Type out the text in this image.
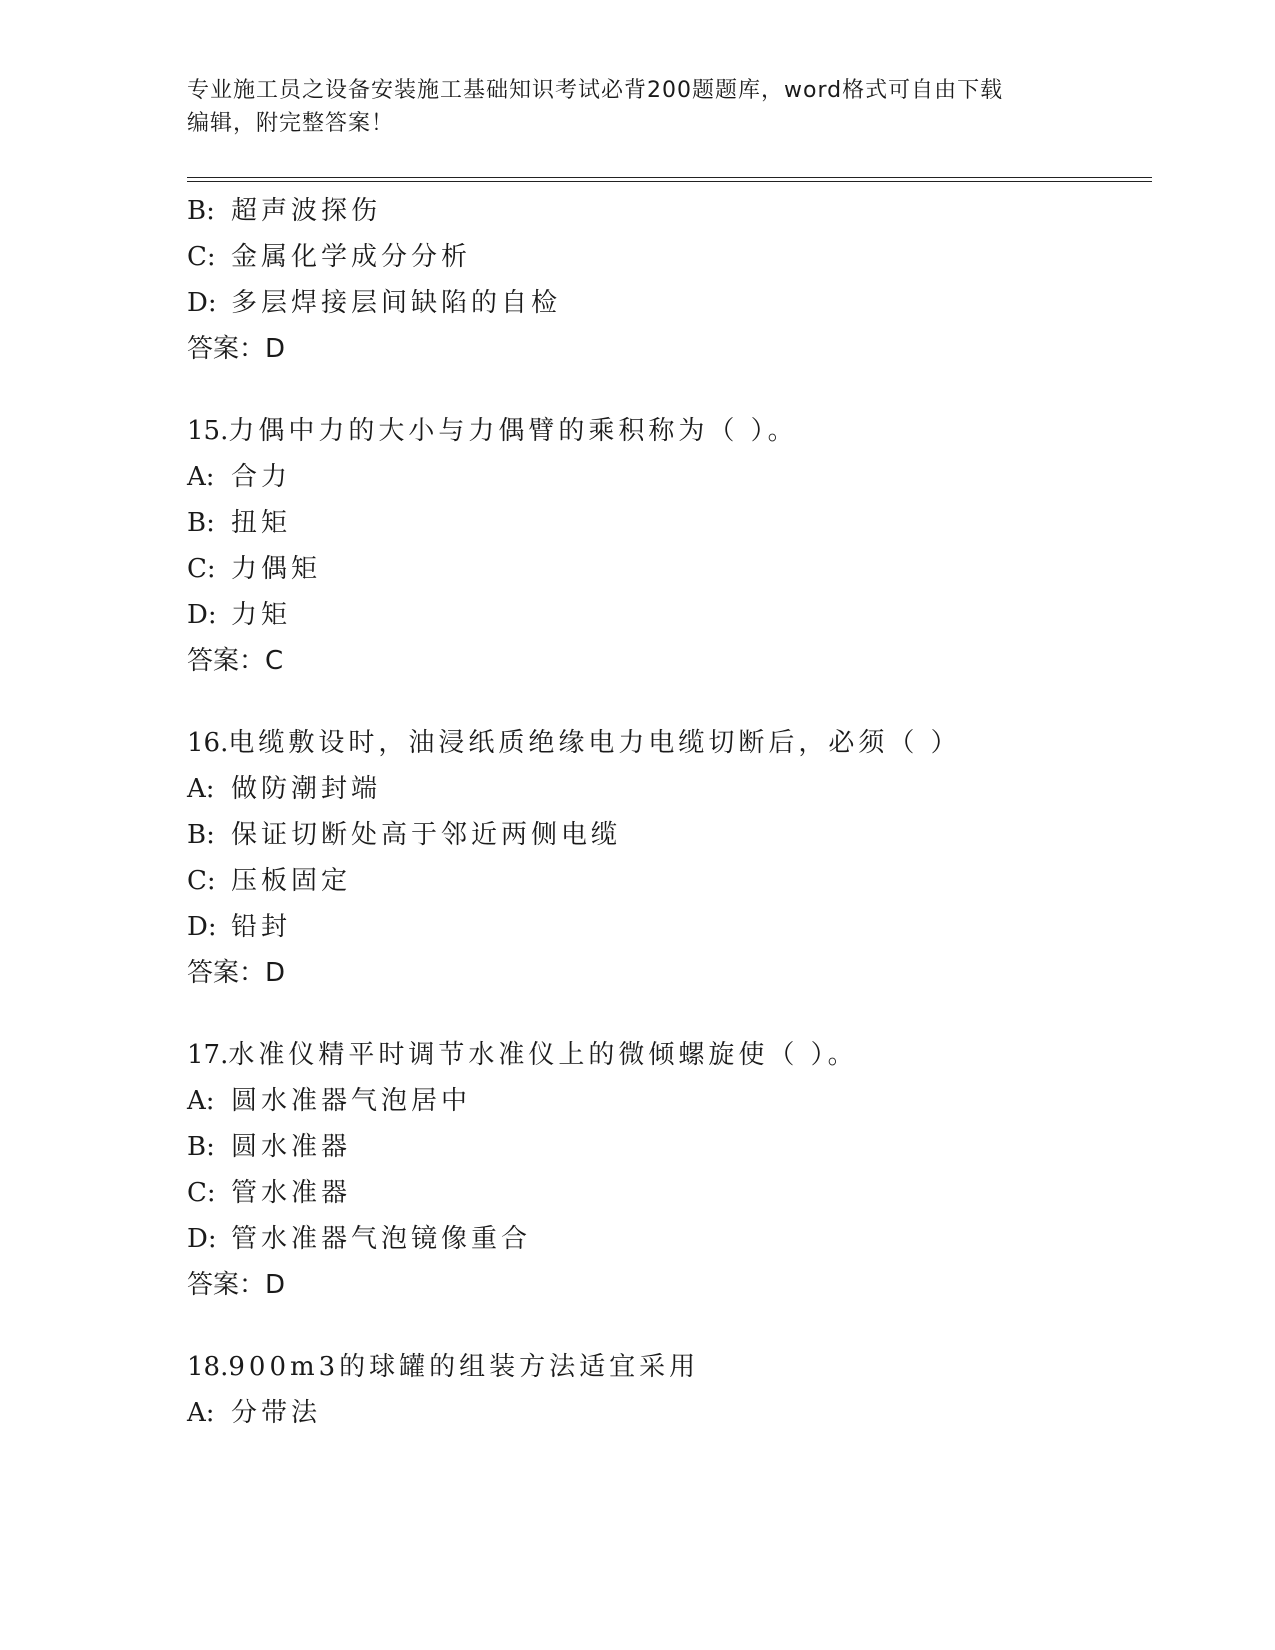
专业施工员之设备安装施工基础知识考试必背200题题库，word格式可自由下载
编辑，附完整答案！
B: 超声波探伤
C: 金属化学成分分析
D: 多层焊接层间缺陷的自检
答案：D
15.力偶中力的大小与力偶臂的乘积称为（ ）。
A: 合力
B: 扭矩
C: 力偶矩
D: 力矩
答案：C
16.电缆敷设时，油浸纸质绝缘电力电缆切断后，必须（ ）
A: 做防潮封端
B: 保证切断处高于邻近两侧电缆
C: 压板固定
D: 铅封
答案：D
17.水准仪精平时调节水准仪上的微倾螺旋使（ ）。
A: 圆水准器气泡居中
B: 圆水准器
C: 管水准器
D: 管水准器气泡镜像重合
答案：D
18.900m3的球罐的组装方法适宜采用
A: 分带法
